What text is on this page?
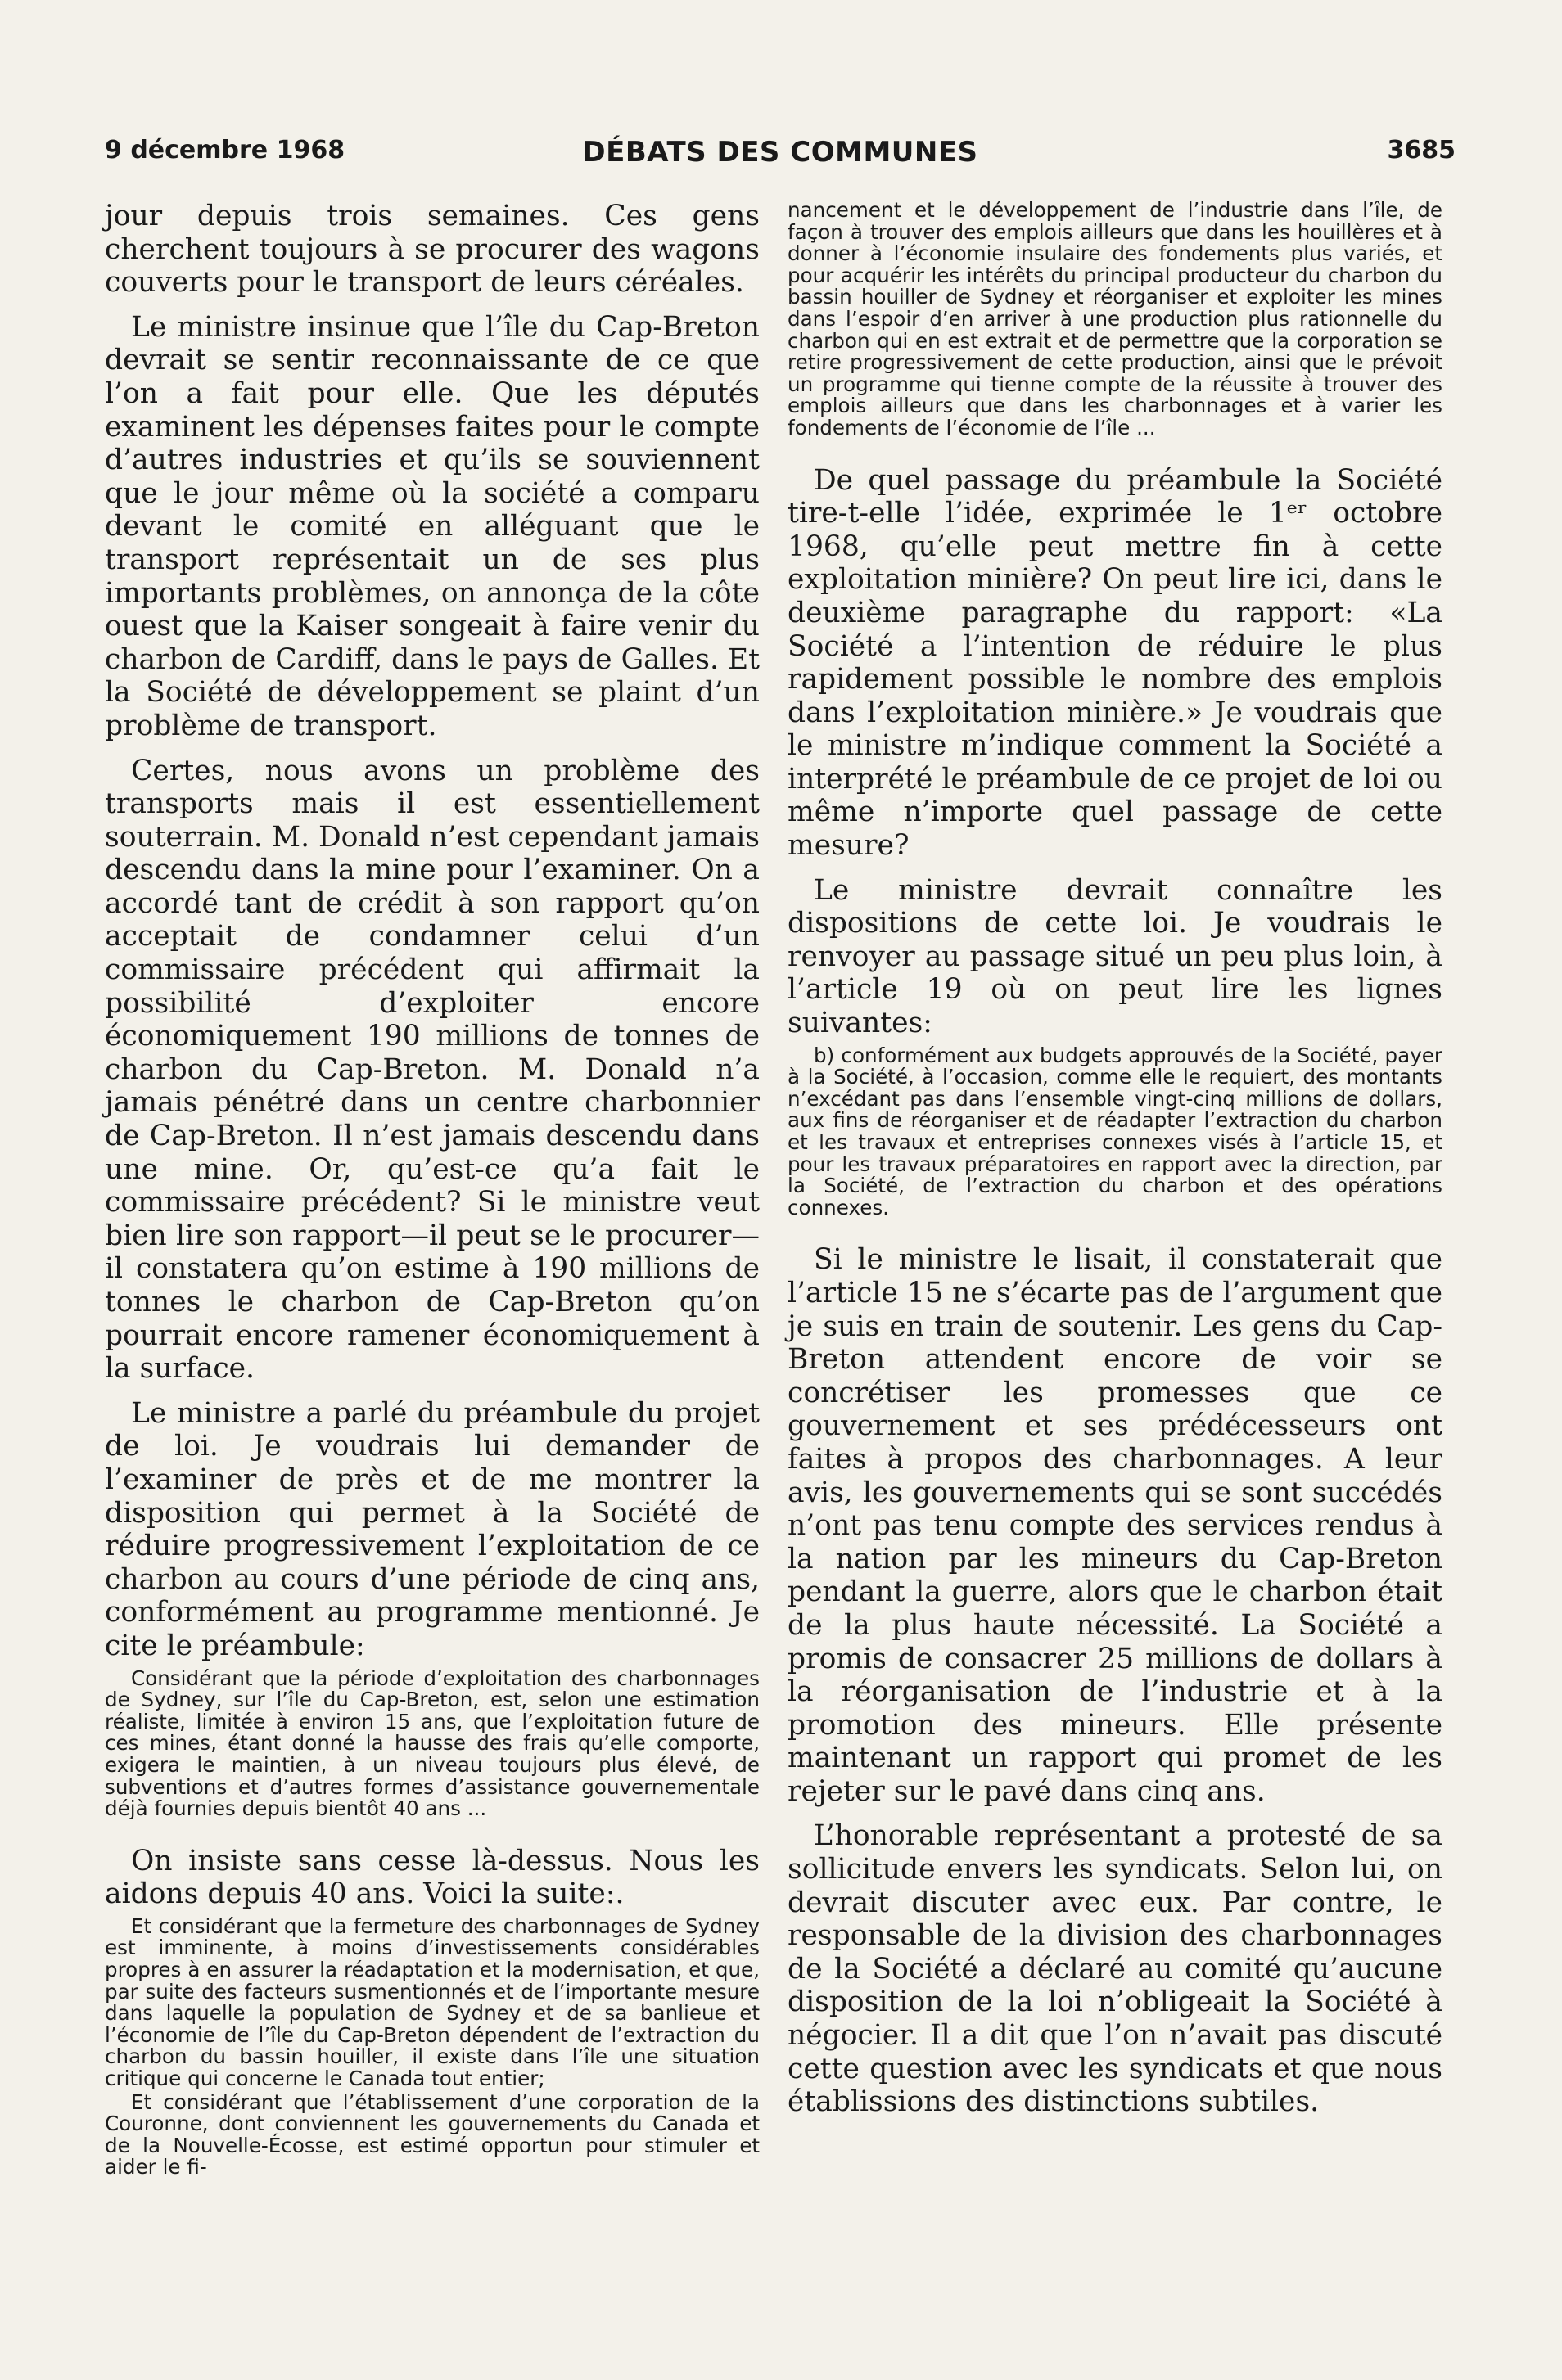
9 décembre 1968	DÉBATS DES COMMUNES	3685

jour depuis trois semaines. Ces gens cherchent toujours à se procurer des wagons couverts pour le transport de leurs céréales.

Le ministre insinue que l’île du Cap-Breton devrait se sentir reconnaissante de ce que l’on a fait pour elle. Que les députés examinent les dépenses faites pour le compte d’autres industries et qu’ils se souviennent que le jour même où la société a comparu devant le comité en alléguant que le transport représentait un de ses plus importants problèmes, on annonça de la côte ouest que la Kaiser songeait à faire venir du charbon de Cardiff, dans le pays de Galles. Et la Société de développement se plaint d’un problème de transport.

Certes, nous avons un problème des transports mais il est essentiellement souterrain. M. Donald n’est cependant jamais descendu dans la mine pour l’examiner. On a accordé tant de crédit à son rapport qu’on acceptait de condamner celui d’un commissaire précédent qui affirmait la possibilité d’exploiter encore économiquement 190 millions de tonnes de charbon du Cap-Breton. M. Donald n’a jamais pénétré dans un centre charbonnier de Cap-Breton. Il n’est jamais descendu dans une mine. Or, qu’est-ce qu’a fait le commissaire précédent? Si le ministre veut bien lire son rapport—il peut se le procurer—il constatera qu’on estime à 190 millions de tonnes le charbon de Cap-Breton qu’on pourrait encore ramener économiquement à la surface.

Le ministre a parlé du préambule du projet de loi. Je voudrais lui demander de l’examiner de près et de me montrer la disposition qui permet à la Société de réduire progressivement l’exploitation de ce charbon au cours d’une période de cinq ans, conformément au programme mentionné. Je cite le préambule:

Considérant que la période d’exploitation des charbonnages de Sydney, sur l’île du Cap-Breton, est, selon une estimation réaliste, limitée à environ 15 ans, que l’exploitation future de ces mines, étant donné la hausse des frais qu’elle comporte, exigera le maintien, à un niveau toujours plus élevé, de subventions et d’autres formes d’assistance gouvernementale déjà fournies depuis bientôt 40 ans ...

On insiste sans cesse là-dessus. Nous les aidons depuis 40 ans. Voici la suite:.

Et considérant que la fermeture des charbonnages de Sydney est imminente, à moins d’investissements considérables propres à en assurer la réadaptation et la modernisation, et que, par suite des facteurs susmentionnés et de l’importante mesure dans laquelle la population de Sydney et de sa banlieue et l’économie de l’île du Cap-Breton dépendent de l’extraction du charbon du bassin houiller, il existe dans l’île une situation critique qui concerne le Canada tout entier;

Et considérant que l’établissement d’une corporation de la Couronne, dont conviennent les gouvernements du Canada et de la Nouvelle-Écosse, est estimé opportun pour stimuler et aider le fi-

nancement et le développement de l’industrie dans l’île, de façon à trouver des emplois ailleurs que dans les houillères et à donner à l’économie insulaire des fondements plus variés, et pour acquérir les intérêts du principal producteur du charbon du bassin houiller de Sydney et réorganiser et exploiter les mines dans l’espoir d’en arriver à une production plus rationnelle du charbon qui en est extrait et de permettre que la corporation se retire progressivement de cette production, ainsi que le prévoit un programme qui tienne compte de la réussite à trouver des emplois ailleurs que dans les charbonnages et à varier les fondements de l’économie de l’île ...

De quel passage du préambule la Société tire-t-elle l’idée, exprimée le 1ᵉʳ octobre 1968, qu’elle peut mettre fin à cette exploitation minière? On peut lire ici, dans le deuxième paragraphe du rapport: «La Société a l’intention de réduire le plus rapidement possible le nombre des emplois dans l’exploitation minière.» Je voudrais que le ministre m’indique comment la Société a interprété le préambule de ce projet de loi ou même n’importe quel passage de cette mesure?

Le ministre devrait connaître les dispositions de cette loi. Je voudrais le renvoyer au passage situé un peu plus loin, à l’article 19 où on peut lire les lignes suivantes:

b) conformément aux budgets approuvés de la Société, payer à la Société, à l’occasion, comme elle le requiert, des montants n’excédant pas dans l’ensemble vingt-cinq millions de dollars, aux fins de réorganiser et de réadapter l’extraction du charbon et les travaux et entreprises connexes visés à l’article 15, et pour les travaux préparatoires en rapport avec la direction, par la Société, de l’extraction du charbon et des opérations connexes.

Si le ministre le lisait, il constaterait que l’article 15 ne s’écarte pas de l’argument que je suis en train de soutenir. Les gens du Cap-Breton attendent encore de voir se concrétiser les promesses que ce gouvernement et ses prédécesseurs ont faites à propos des charbonnages. A leur avis, les gouvernements qui se sont succédés n’ont pas tenu compte des services rendus à la nation par les mineurs du Cap-Breton pendant la guerre, alors que le charbon était de la plus haute nécessité. La Société a promis de consacrer 25 millions de dollars à la réorganisation de l’industrie et à la promotion des mineurs. Elle présente maintenant un rapport qui promet de les rejeter sur le pavé dans cinq ans.

L’honorable représentant a protesté de sa sollicitude envers les syndicats. Selon lui, on devrait discuter avec eux. Par contre, le responsable de la division des charbonnages de la Société a déclaré au comité qu’aucune disposition de la loi n’obligeait la Société à négocier. Il a dit que l’on n’avait pas discuté cette question avec les syndicats et que nous établissions des distinctions subtiles.
